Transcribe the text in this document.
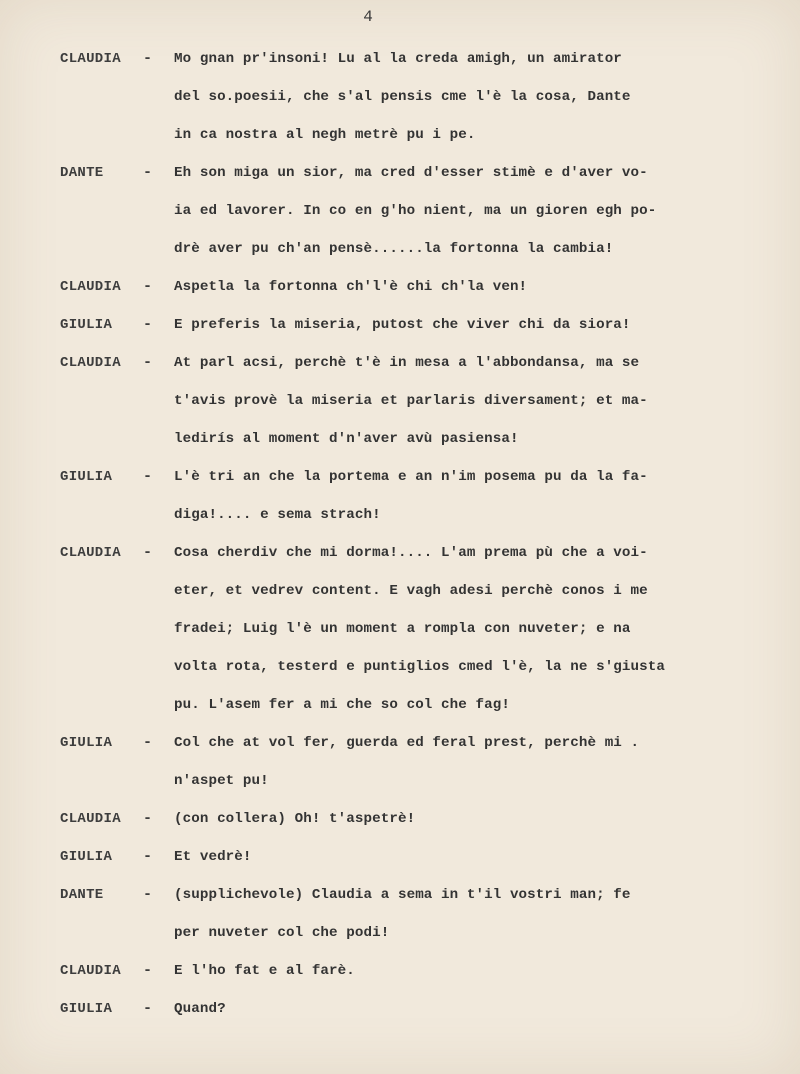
4
CLAUDIA	- Mo gnan pr'insoni! Lu al la creda amigh, un amirator
del so.poesii, che s'al pensis cme l'è la cosa, Dante
in ca nostra al negh metrè pu i pe.
DANTE	- Eh son miga un sior, ma cred d'esser stimè e d'aver vo-
ia ed lavorer. In co en g'ho nient, ma un gioren egh po-
drè aver pu ch'an pensè......la fortonna la cambia!
CLAUDIA	- Aspetla la fortonna ch'l'è chi ch'la ven!
GIULIA	- E preferis la miseria, putost che viver chi da siora!
CLAUDIA	- At parl acsi, perchè t'è in mesa a l'abbondansa, ma se
t'avis provè la miseria et parlaris diversament; et ma-
ledirís al moment d'n'aver avù pasiensa!
GIULIA	- L'è tri an che la portema e an n'im posema pu da la fa-
diga!.... e sema strach!
CLAUDIA	- Cosa cherdiv che mi dorma!.... L'am prema pù che a voi-
eter, et vedrev content. E vagh adesi perchè conos i me
fradei; Luig l'è un moment a rompla con nuveter; e na
volta rota, testerd e puntiglios cmed l'è, la ne s'giusta
pu. L'asem fer a mi che so col che fag!
GIULIA	- Col che at vol fer, guerda ed feral prest, perchè mi .
n'aspet pu!
CLAUDIA	- (con collera) Oh! t'aspetrè!
GIULIA	- Et vedrè!
DANTE	- (supplichevole) Claudia a sema in t'il vostri man; fe
per nuveter col che podi!
CLAUDIA	- E l'ho fat e al farè.
GIULIA	- Quand?
